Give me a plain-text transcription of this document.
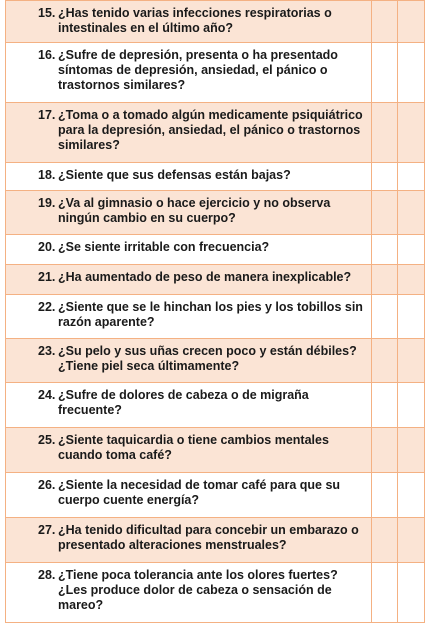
15. ¿Has tenido varias infecciones respiratorias o intestinales en el último año?		

16. ¿Sufre de depresión, presenta o ha presentado síntomas de depresión, ansiedad, el pánico o trastornos similares?		

17. ¿Toma o a tomado algún medicamente psiquiátrico para la depresión, ansiedad, el pánico o trastornos similares?		

18. ¿Siente que sus defensas están bajas?		

19. ¿Va al gimnasio o hace ejercicio y no observa ningún cambio en su cuerpo?		

20. ¿Se siente irritable con frecuencia?		

21. ¿Ha aumentado de peso de manera inexplicable?		

22. ¿Siente que se le hinchan los pies y los tobillos sin razón aparente?		

23. ¿Su pelo y sus uñas crecen poco y están débiles? ¿Tiene piel seca últimamente?		

24. ¿Sufre de dolores de cabeza o de migraña frecuente?		

25. ¿Siente taquicardia o tiene cambios mentales cuando toma café?		

26. ¿Siente la necesidad de tomar café para que su cuerpo cuente energía?		

27. ¿Ha tenido dificultad para concebir un embarazo o presentado alteraciones menstruales?		

28. ¿Tiene poca tolerancia ante los olores fuertes? ¿Les produce dolor de cabeza o sensación de mareo?		
